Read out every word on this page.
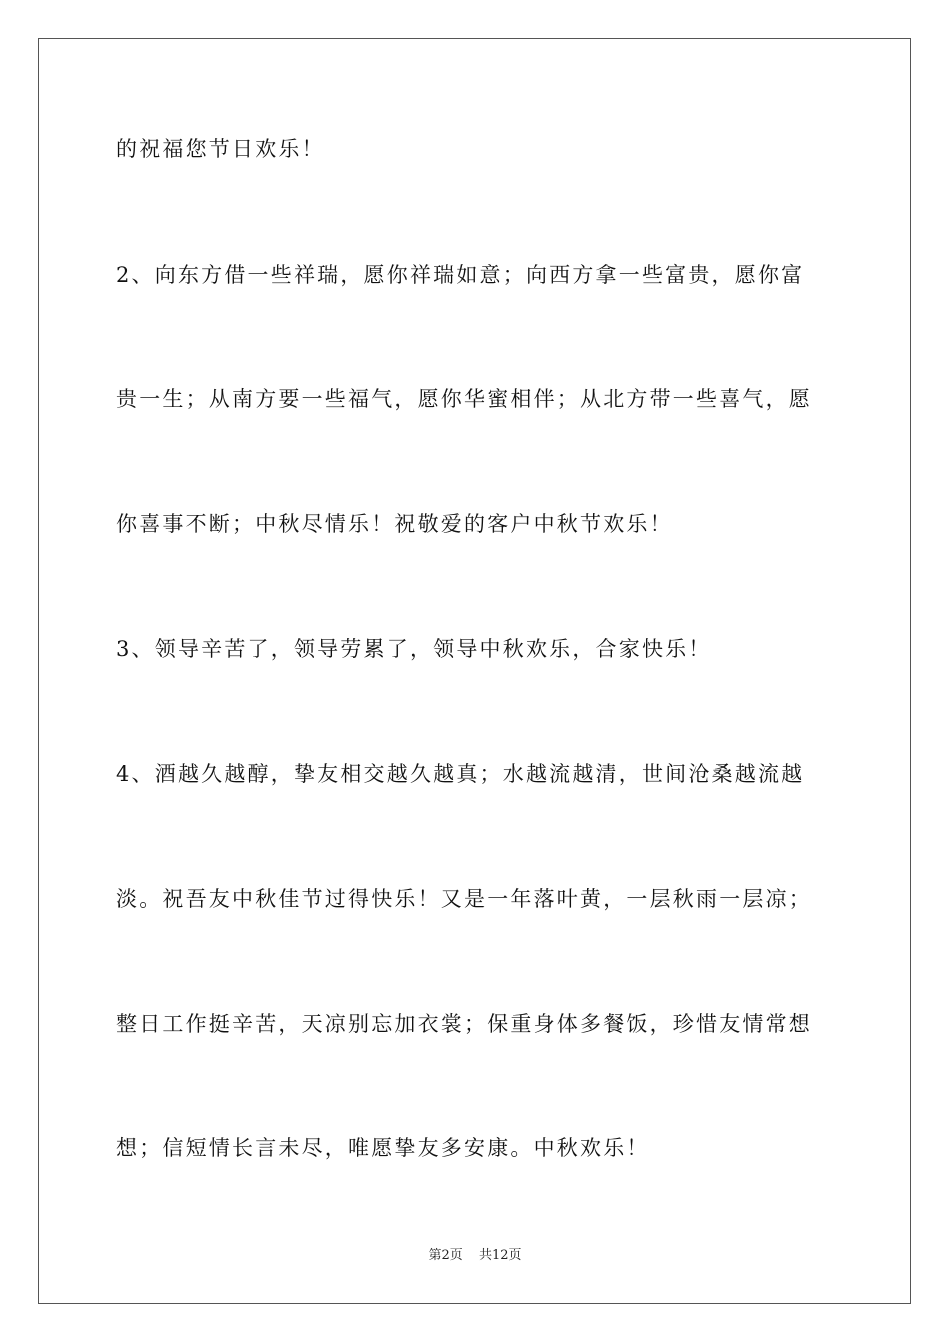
的祝福您节日欢乐！
2、向东方借一些祥瑞，愿你祥瑞如意；向西方拿一些富贵，愿你富
贵一生；从南方要一些福气，愿你华蜜相伴；从北方带一些喜气，愿
你喜事不断；中秋尽情乐！祝敬爱的客户中秋节欢乐！
3、领导辛苦了，领导劳累了，领导中秋欢乐，合家快乐！
4、酒越久越醇，挚友相交越久越真；水越流越清，世间沧桑越流越
淡。祝吾友中秋佳节过得快乐！又是一年落叶黄，一层秋雨一层凉；
整日工作挺辛苦，天凉别忘加衣裳；保重身体多餐饭，珍惜友情常想
想；信短情长言未尽，唯愿挚友多安康。中秋欢乐！
第2页 共12页
